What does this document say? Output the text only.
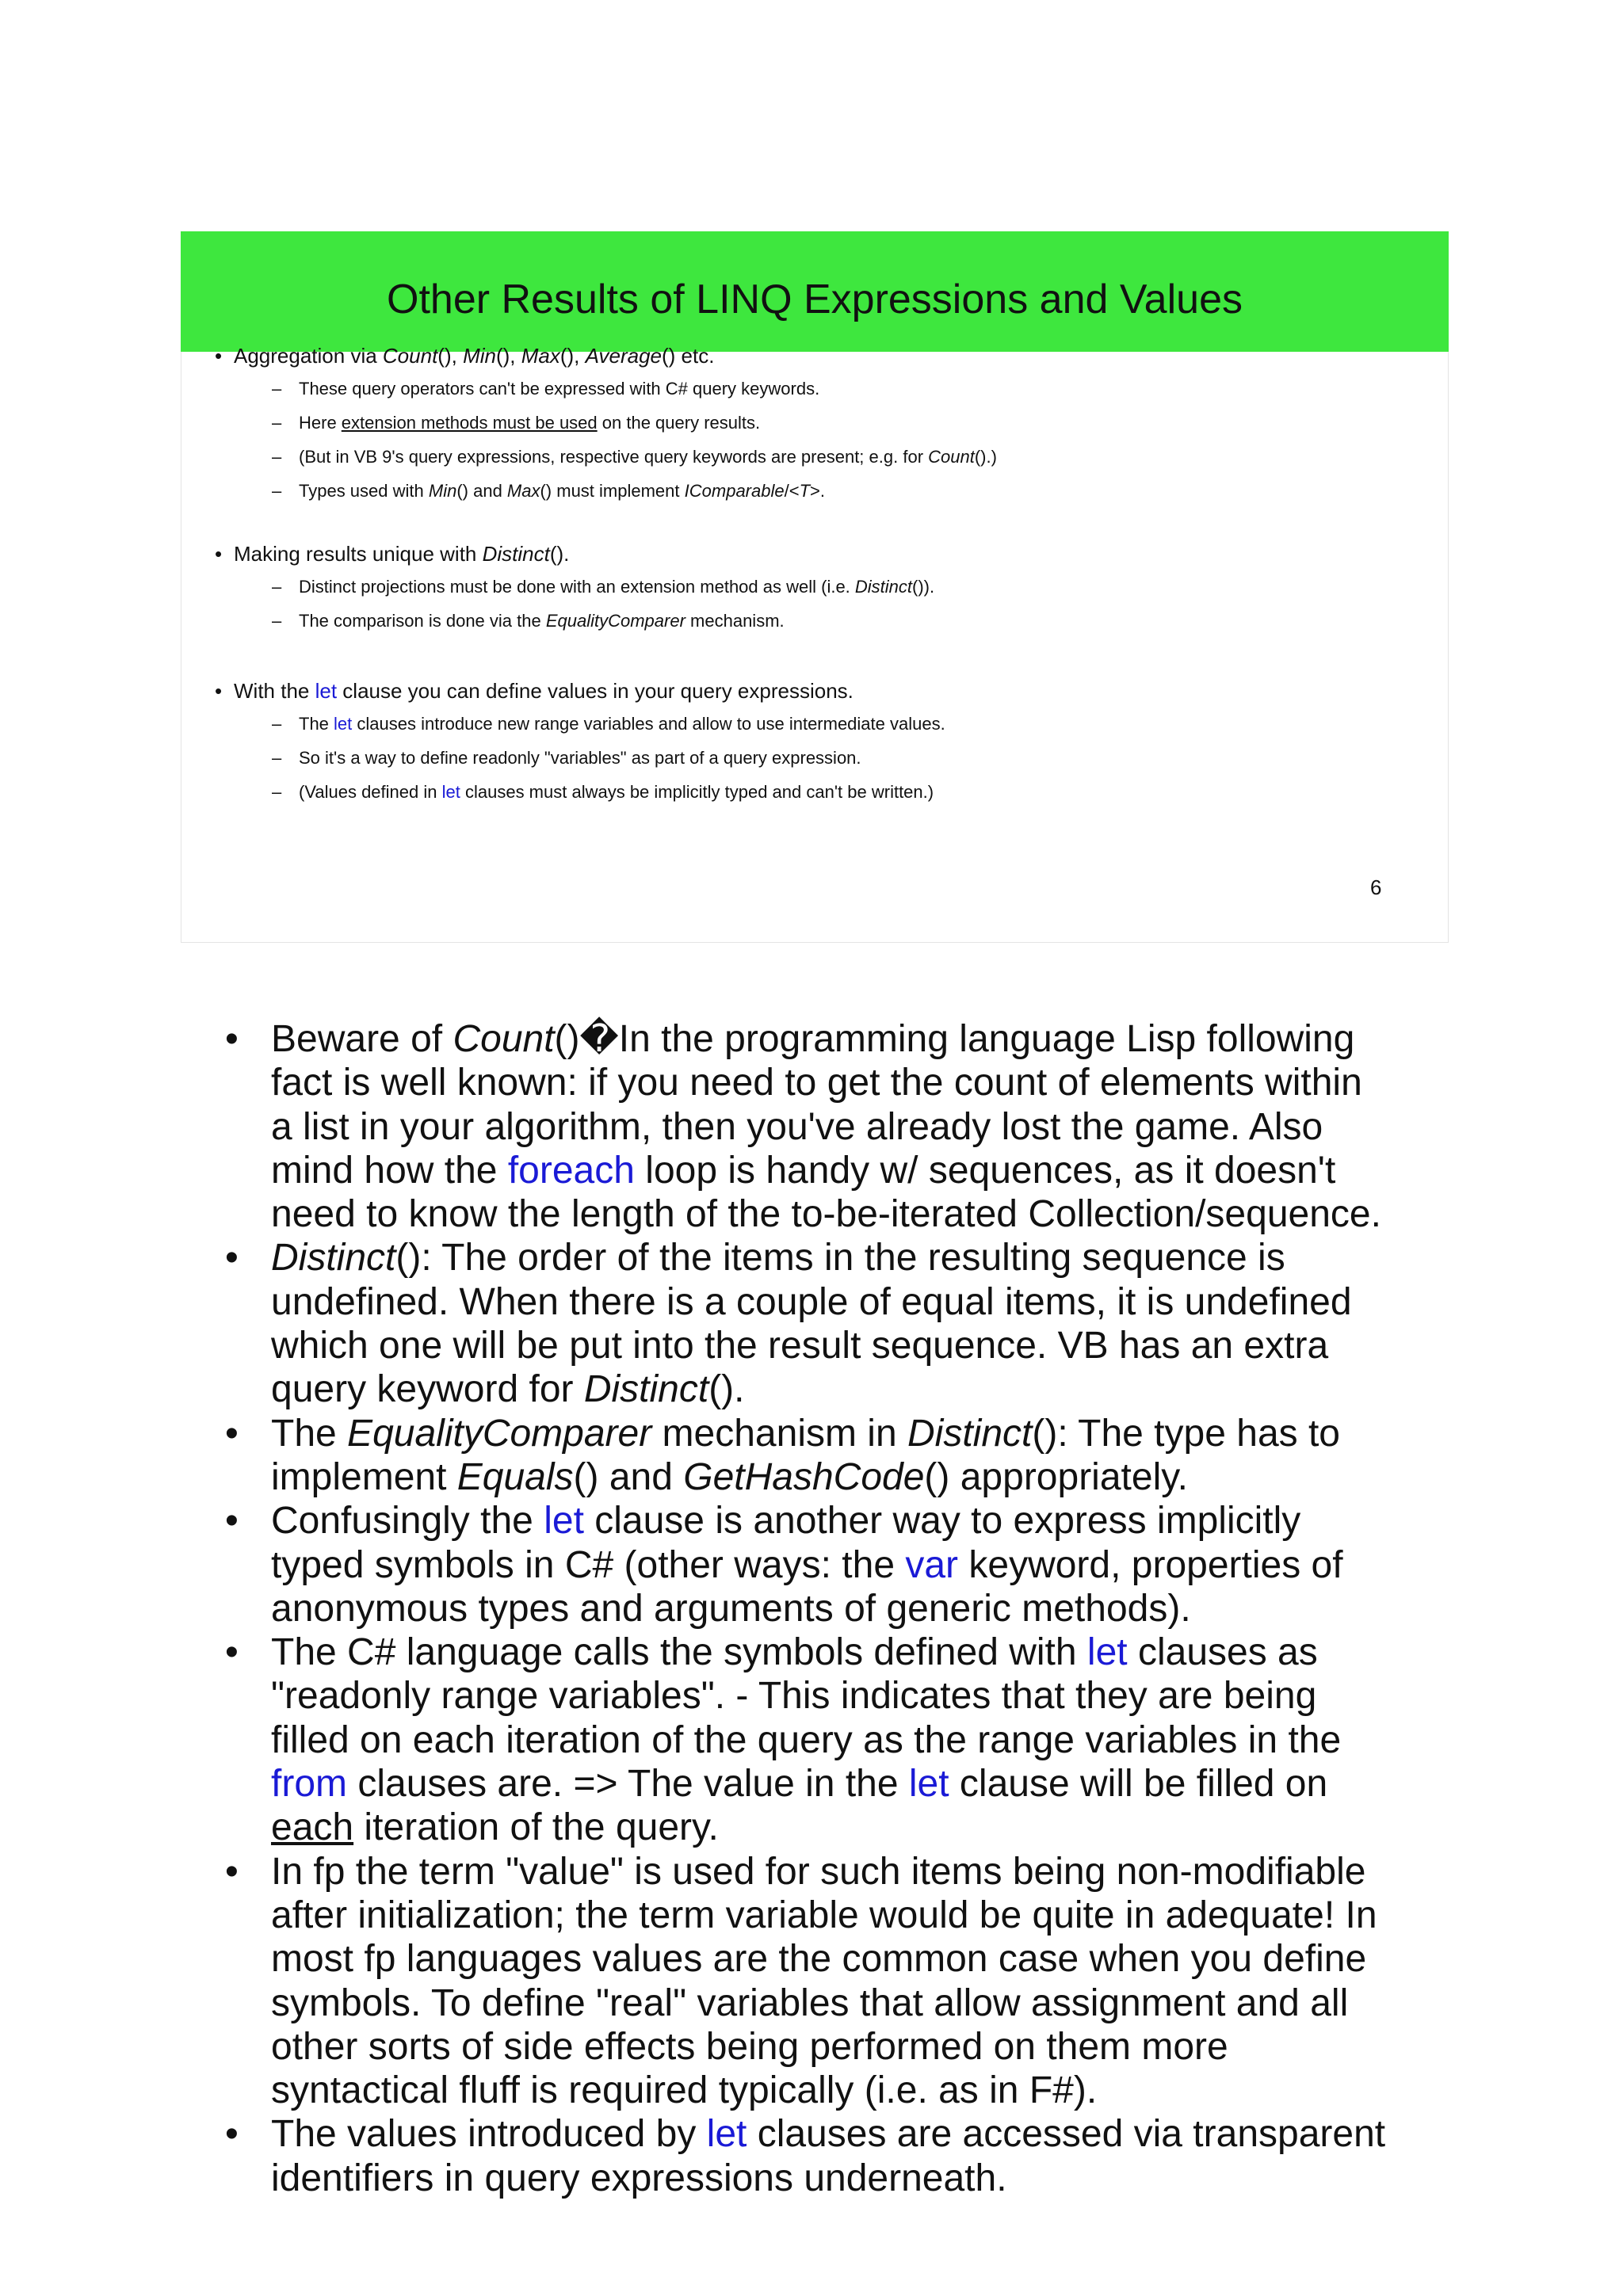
Other Results of LINQ Expressions and Values
• Aggregation via Count(), Min(), Max(), Average() etc.
– These query operators can't be expressed with C# query keywords.
– Here extension methods must be used on the query results.
– (But in VB 9's query expressions, respective query keywords are present; e.g. for Count().)
– Types used with Min() and Max() must implement IComparable/<T>.
• Making results unique with Distinct().
– Distinct projections must be done with an extension method as well (i.e. Distinct()).
– The comparison is done via the EqualityComparer mechanism.
• With the let clause you can define values in your query expressions.
– The let clauses introduce new range variables and allow to use intermediate values.
– So it's a way to define readonly "variables" as part of a query expression.
– (Values defined in let clauses must always be implicitly typed and can't be written.)
6
• Beware of Count()�In the programming language Lisp following
fact is well known: if you need to get the count of elements within
a list in your algorithm, then you've already lost the game. Also
mind how the foreach loop is handy w/ sequences, as it doesn't
need to know the length of the to-be-iterated Collection/sequence.
• Distinct(): The order of the items in the resulting sequence is
undefined. When there is a couple of equal items, it is undefined
which one will be put into the result sequence. VB has an extra
query keyword for Distinct().
• The EqualityComparer mechanism in Distinct(): The type has to
implement Equals() and GetHashCode() appropriately.
• Confusingly the let clause is another way to express implicitly
typed symbols in C# (other ways: the var keyword, properties of
anonymous types and arguments of generic methods).
• The C# language calls the symbols defined with let clauses as
"readonly range variables". - This indicates that they are being
filled on each iteration of the query as the range variables in the
from clauses are. => The value in the let clause will be filled on
each iteration of the query.
• In fp the term "value" is used for such items being non-modifiable
after initialization; the term variable would be quite in adequate! In
most fp languages values are the common case when you define
symbols. To define "real" variables that allow assignment and all
other sorts of side effects being performed on them more
syntactical fluff is required typically (i.e. as in F#).
• The values introduced by let clauses are accessed via transparent
identifiers in query expressions underneath.
